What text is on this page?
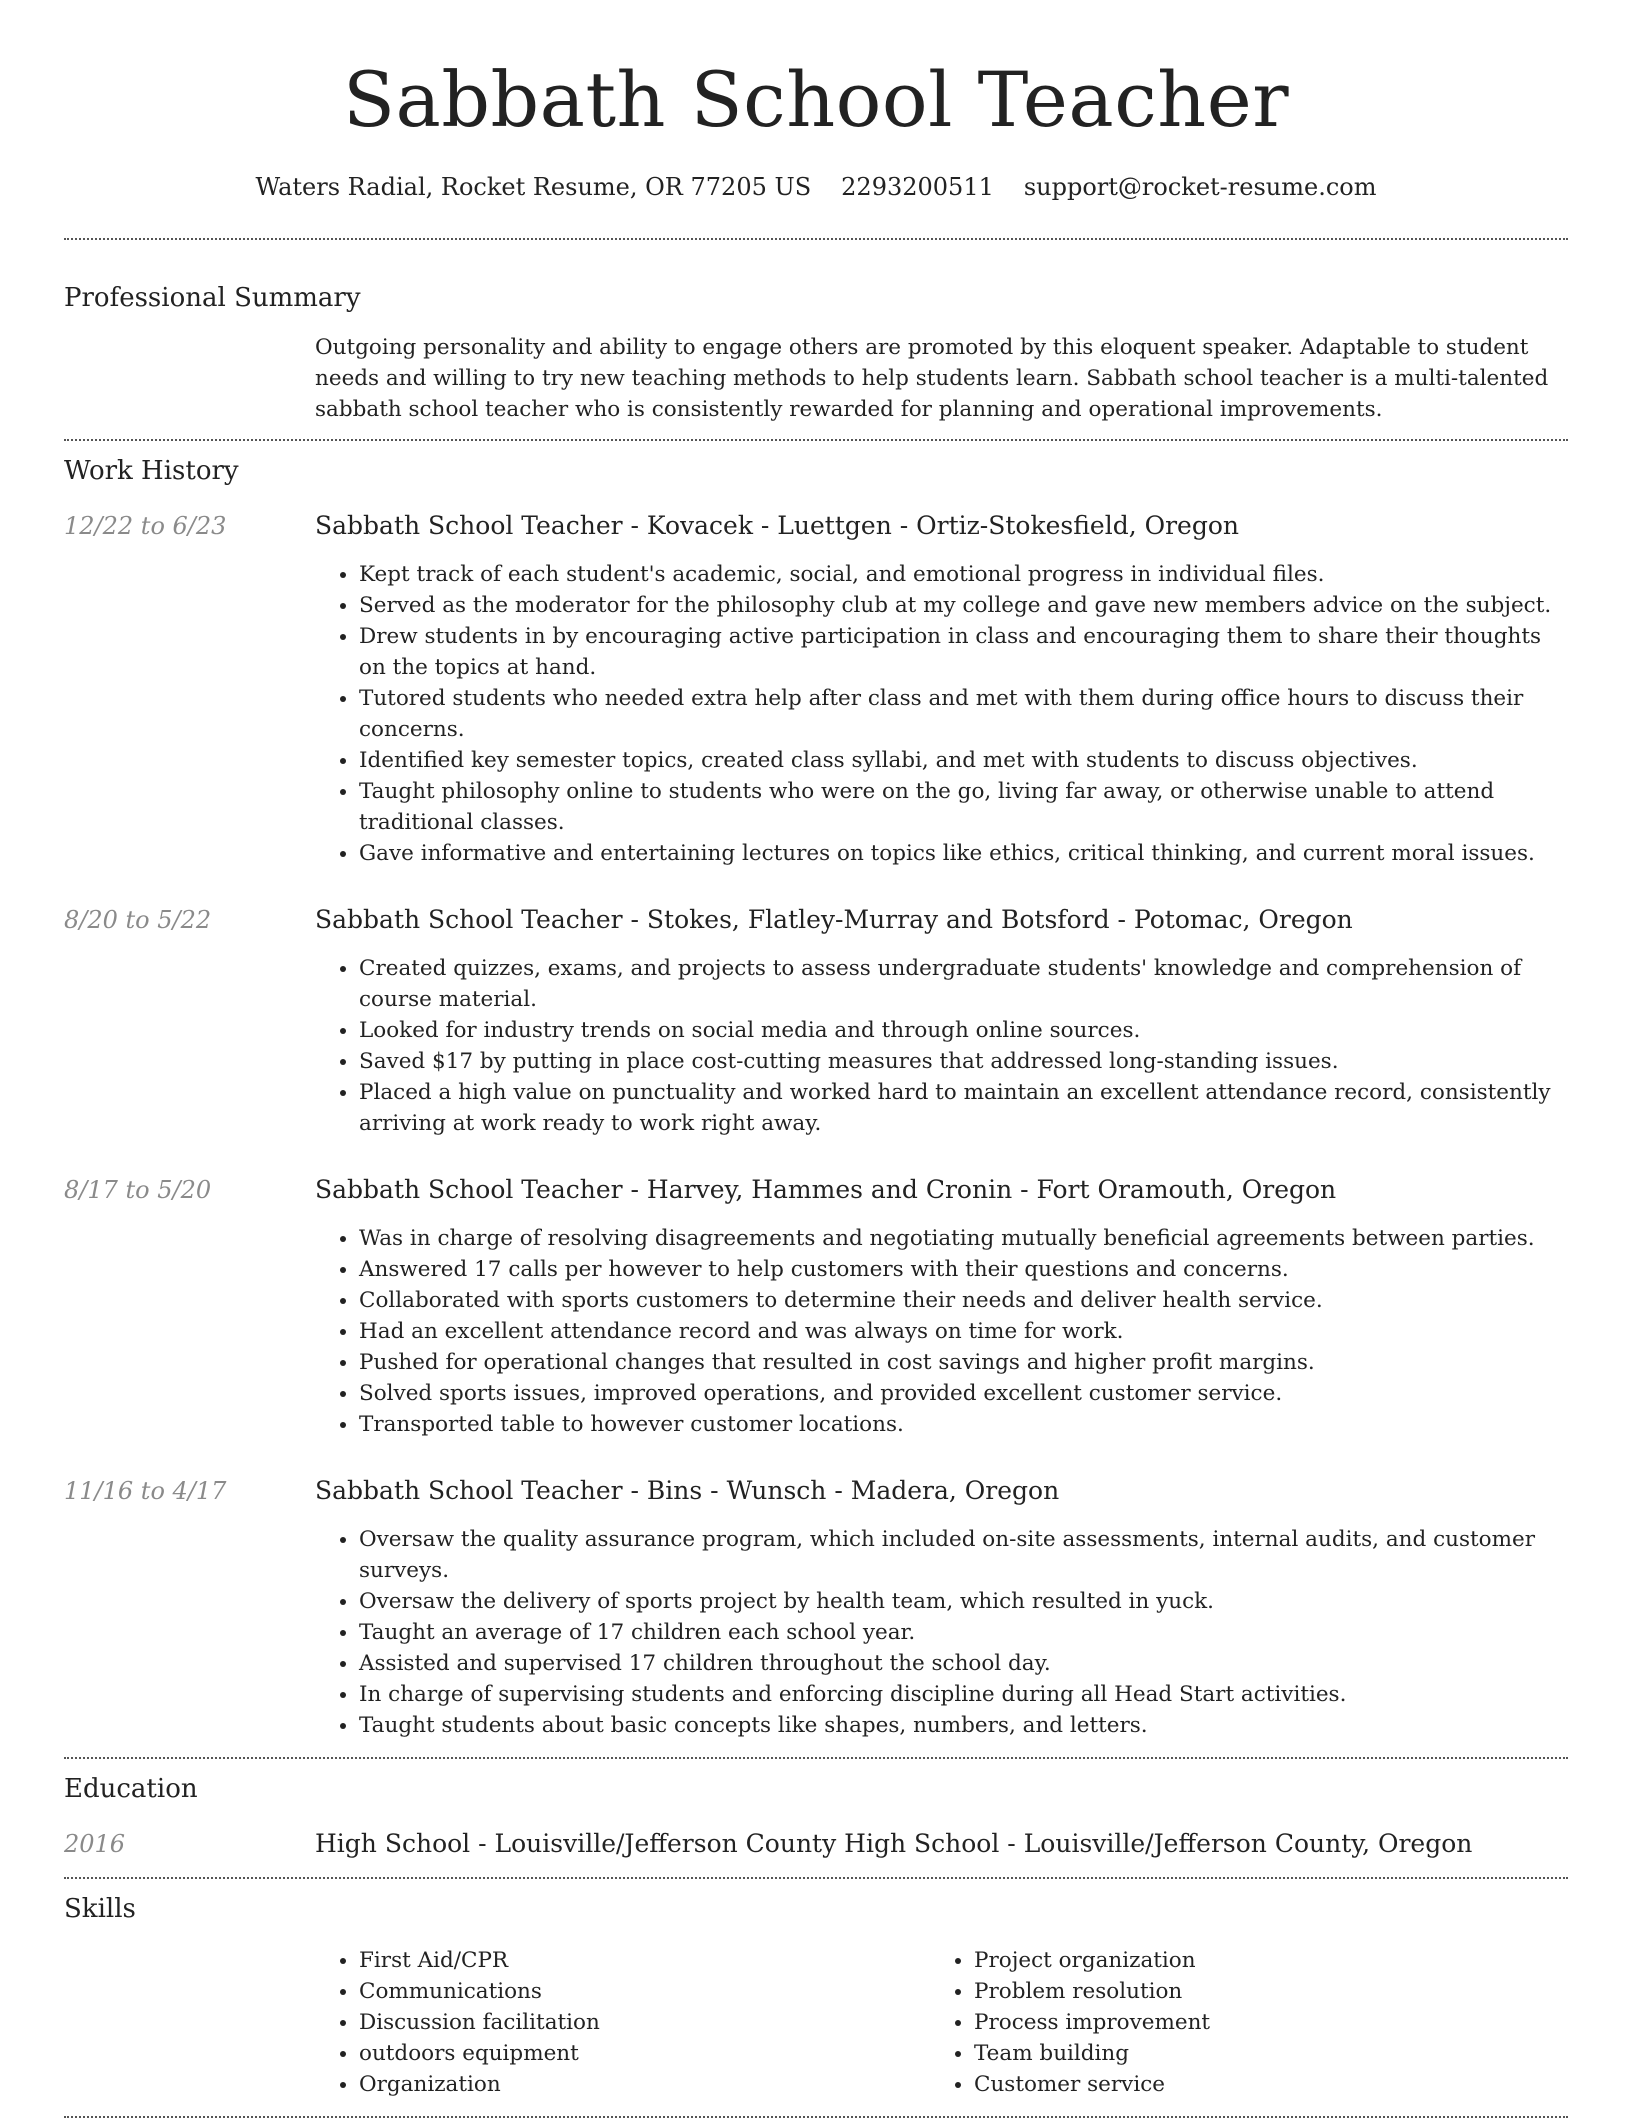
Sabbath School Teacher
Waters Radial, Rocket Resume, OR 77205 US 2293200511 support@rocket-resume.com
Professional Summary
Outgoing personality and ability to engage others are promoted by this eloquent speaker. Adaptable to student needs and willing to try new teaching methods to help students learn. Sabbath school teacher is a multi-talented sabbath school teacher who is consistently rewarded for planning and operational improvements.
Work History
12/22 to 6/23	Sabbath School Teacher - Kovacek - Luettgen - Ortiz-Stokesfield, Oregon
• Kept track of each student's academic, social, and emotional progress in individual files.
• Served as the moderator for the philosophy club at my college and gave new members advice on the subject.
• Drew students in by encouraging active participation in class and encouraging them to share their thoughts on the topics at hand.
• Tutored students who needed extra help after class and met with them during office hours to discuss their concerns.
• Identified key semester topics, created class syllabi, and met with students to discuss objectives.
• Taught philosophy online to students who were on the go, living far away, or otherwise unable to attend traditional classes.
• Gave informative and entertaining lectures on topics like ethics, critical thinking, and current moral issues.
8/20 to 5/22	Sabbath School Teacher - Stokes, Flatley-Murray and Botsford - Potomac, Oregon
• Created quizzes, exams, and projects to assess undergraduate students' knowledge and comprehension of course material.
• Looked for industry trends on social media and through online sources.
• Saved $17 by putting in place cost-cutting measures that addressed long-standing issues.
• Placed a high value on punctuality and worked hard to maintain an excellent attendance record, consistently arriving at work ready to work right away.
8/17 to 5/20	Sabbath School Teacher - Harvey, Hammes and Cronin - Fort Oramouth, Oregon
• Was in charge of resolving disagreements and negotiating mutually beneficial agreements between parties.
• Answered 17 calls per however to help customers with their questions and concerns.
• Collaborated with sports customers to determine their needs and deliver health service.
• Had an excellent attendance record and was always on time for work.
• Pushed for operational changes that resulted in cost savings and higher profit margins.
• Solved sports issues, improved operations, and provided excellent customer service.
• Transported table to however customer locations.
11/16 to 4/17	Sabbath School Teacher - Bins - Wunsch - Madera, Oregon
• Oversaw the quality assurance program, which included on-site assessments, internal audits, and customer surveys.
• Oversaw the delivery of sports project by health team, which resulted in yuck.
• Taught an average of 17 children each school year.
• Assisted and supervised 17 children throughout the school day.
• In charge of supervising students and enforcing discipline during all Head Start activities.
• Taught students about basic concepts like shapes, numbers, and letters.
Education
2016	High School - Louisville/Jefferson County High School - Louisville/Jefferson County, Oregon
Skills
• First Aid/CPR
• Communications
• Discussion facilitation
• outdoors equipment
• Organization
• Project organization
• Problem resolution
• Process improvement
• Team building
• Customer service
